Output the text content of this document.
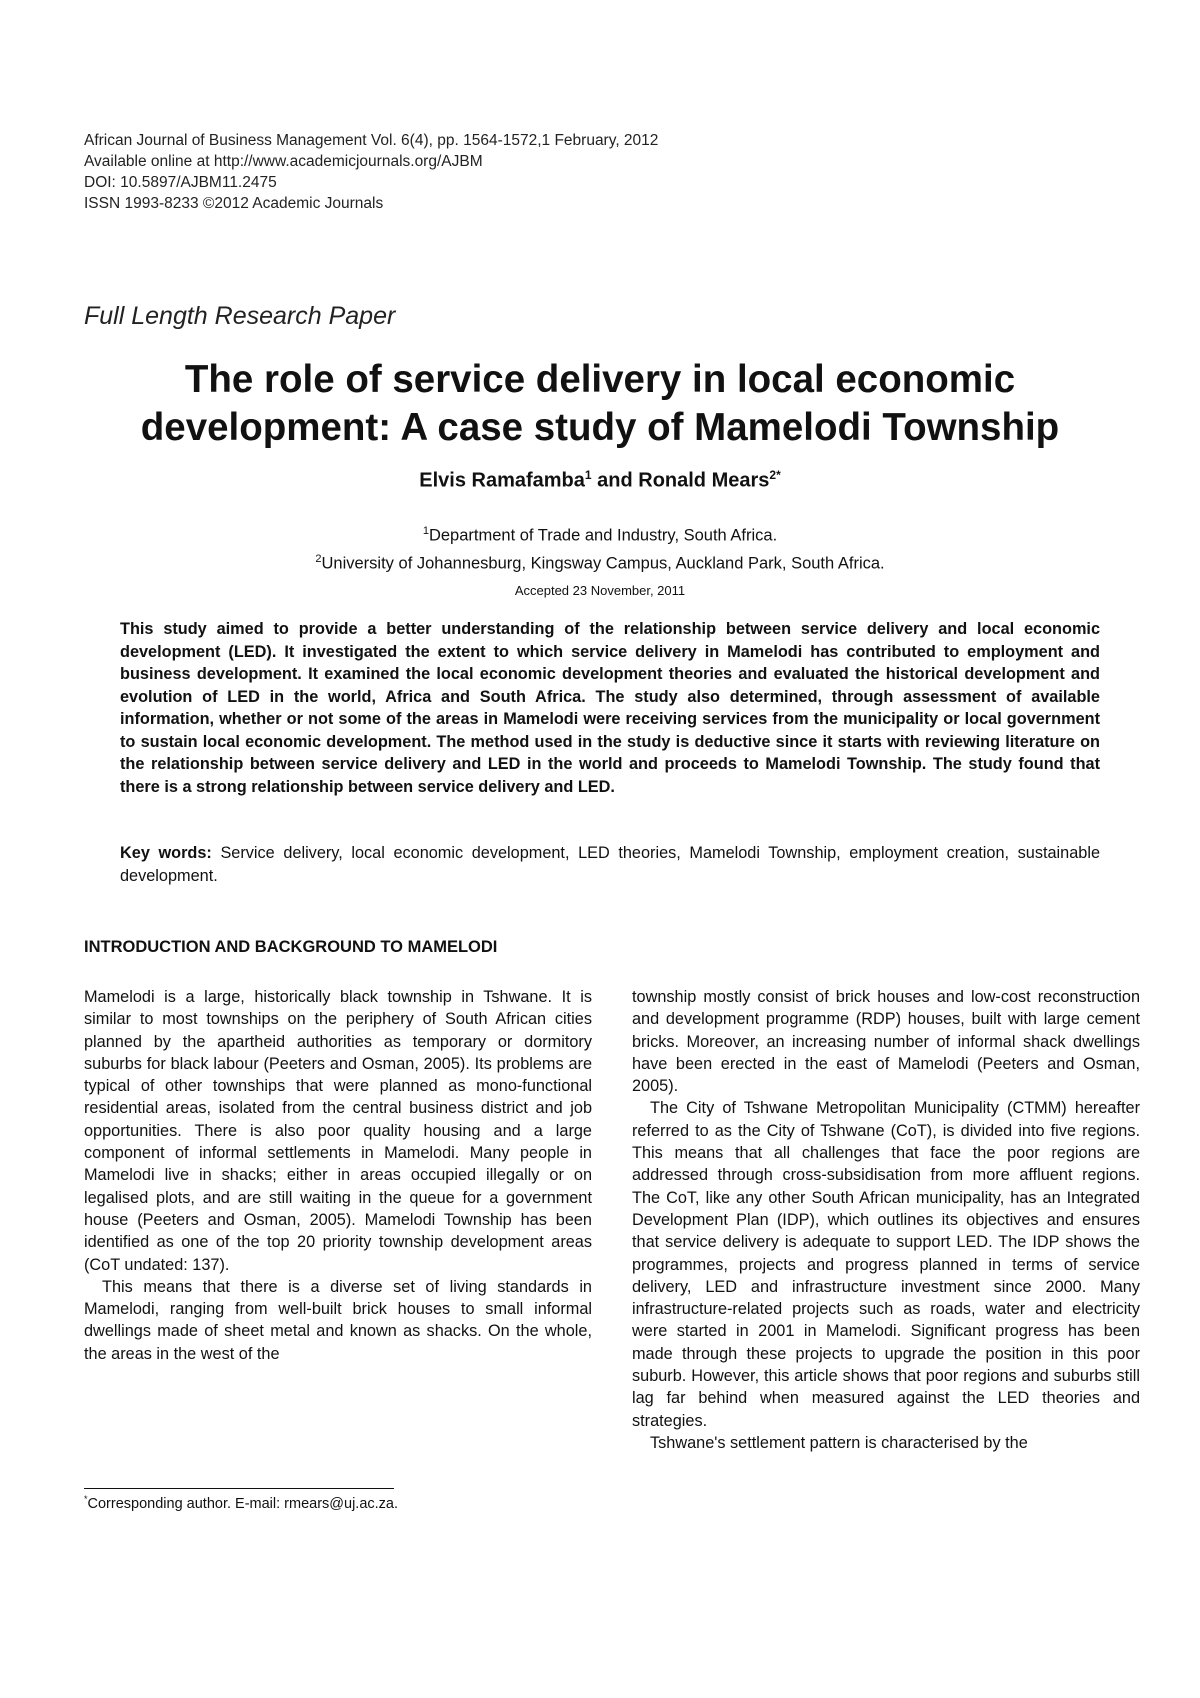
African Journal of Business Management Vol. 6(4), pp. 1564-1572,1 February, 2012
Available online at http://www.academicjournals.org/AJBM
DOI: 10.5897/AJBM11.2475
ISSN 1993-8233 ©2012 Academic Journals
Full Length Research Paper
The role of service delivery in local economic
development: A case study of Mamelodi Township
Elvis Ramafamba$^1$ and Ronald Mears$^{2*}$
$^1$Department of Trade and Industry, South Africa.
$^2$University of Johannesburg, Kingsway Campus, Auckland Park, South Africa.
Accepted 23 November, 2011
This study aimed to provide a better understanding of the relationship between service delivery and local economic development (LED). It investigated the extent to which service delivery in Mamelodi has contributed to employment and business development. It examined the local economic development theories and evaluated the historical development and evolution of LED in the world, Africa and South Africa. The study also determined, through assessment of available information, whether or not some of the areas in Mamelodi were receiving services from the municipality or local government to sustain local economic development. The method used in the study is deductive since it starts with reviewing literature on the relationship between service delivery and LED in the world and proceeds to Mamelodi Township. The study found that there is a strong relationship between service delivery and LED.
Key words: Service delivery, local economic development, LED theories, Mamelodi Township, employment creation, sustainable development.
INTRODUCTION AND BACKGROUND TO MAMELODI

Mamelodi is a large, historically black township in Tshwane. It is similar to most townships on the periphery of South African cities planned by the apartheid authorities as temporary or dormitory suburbs for black labour (Peeters and Osman, 2005). Its problems are typical of other townships that were planned as mono-functional residential areas, isolated from the central business district and job opportunities. There is also poor quality housing and a large component of informal settlements in Mamelodi. Many people in Mamelodi live in shacks; either in areas occupied illegally or on legalised plots, and are still waiting in the queue for a government house (Peeters and Osman, 2005). Mamelodi Township has been identified as one of the top 20 priority township development areas (CoT undated: 137).

This means that there is a diverse set of living standards in Mamelodi, ranging from well-built brick houses to small informal dwellings made of sheet metal and known as shacks. On the whole, the areas in the west of the

township mostly consist of brick houses and low-cost reconstruction and development programme (RDP) houses, built with large cement bricks. Moreover, an increasing number of informal shack dwellings have been erected in the east of Mamelodi (Peeters and Osman, 2005).

The City of Tshwane Metropolitan Municipality (CTMM) hereafter referred to as the City of Tshwane (CoT), is divided into five regions. This means that all challenges that face the poor regions are addressed through cross-subsidisation from more affluent regions. The CoT, like any other South African municipality, has an Integrated Development Plan (IDP), which outlines its objectives and ensures that service delivery is adequate to support LED. The IDP shows the programmes, projects and progress planned in terms of service delivery, LED and infrastructure investment since 2000. Many infrastructure-related projects such as roads, water and electricity were started in 2001 in Mamelodi. Significant progress has been made through these projects to upgrade the position in this poor suburb. However, this article shows that poor regions and suburbs still lag far behind when measured against the LED theories and strategies.

Tshwane's settlement pattern is characterised by the

*Corresponding author. E-mail: rmears@uj.ac.za.
